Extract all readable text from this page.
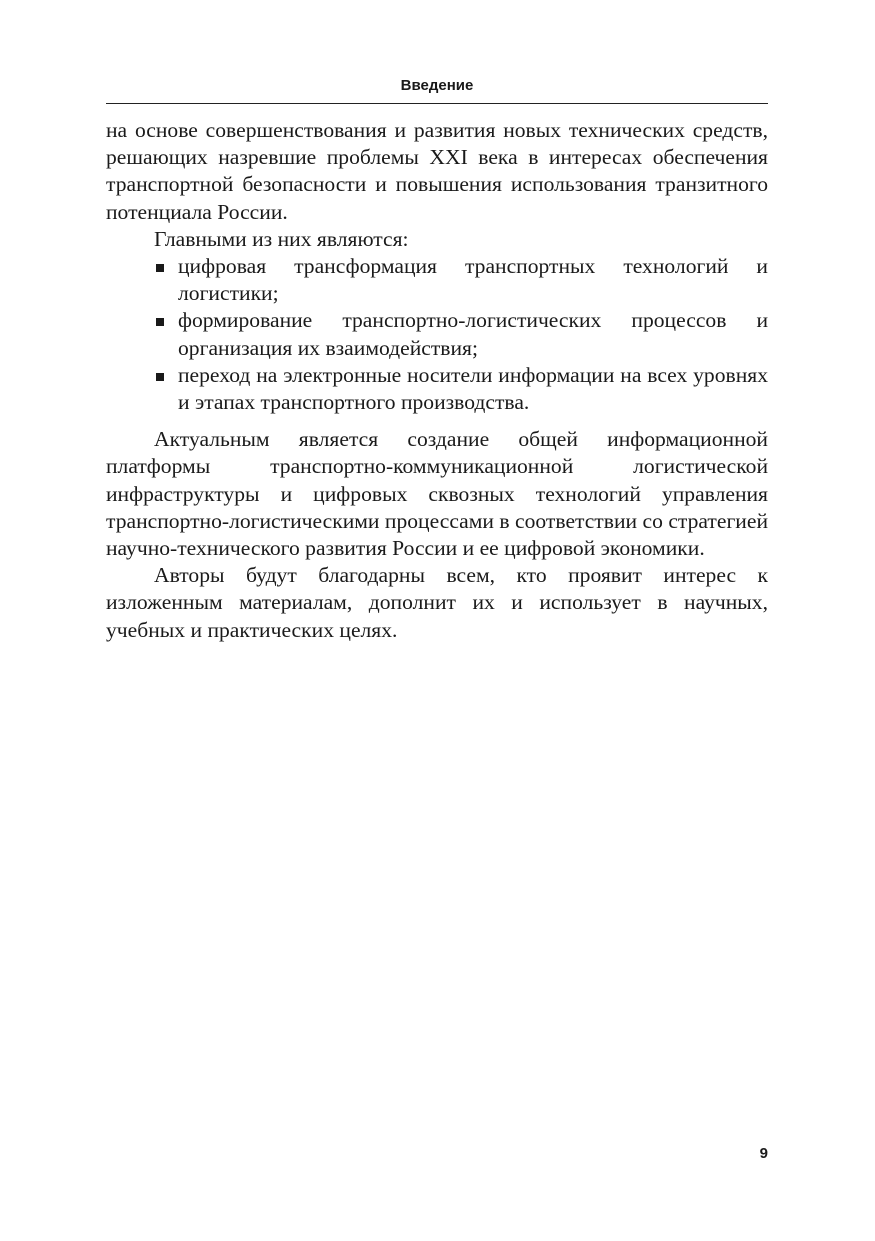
Введение

на основе совершенствования и развития новых технических средств, решающих назревшие проблемы XXI века в интересах обеспечения транспортной безопасности и повышения использования транзитного потенциала России.

Главными из них являются:

цифровая трансформация транспортных технологий и логистики;
формирование транспортно-логистических процессов и организация их взаимодействия;
переход на электронные носители информации на всех уровнях и этапах транспортного производства.

Актуальным является создание общей информационной платформы транспортно-коммуникационной логистической инфраструктуры и цифровых сквозных технологий управления транспортно-логистическими процессами в соответствии со стратегией научно-технического развития России и ее цифровой экономики.

Авторы будут благодарны всем, кто проявит интерес к изложенным материалам, дополнит их и использует в научных, учебных и практических целях.

9
